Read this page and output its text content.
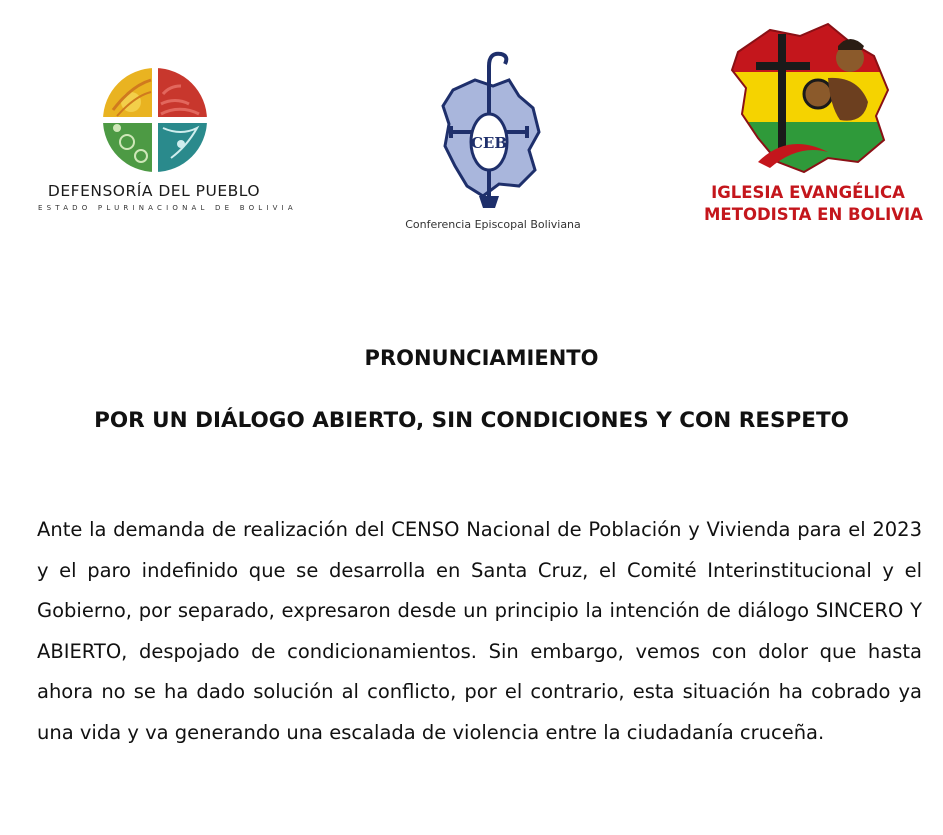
DEFENSORÍA DEL PUEBLO
ESTADO PLURINACIONAL DE BOLIVIA
CEB
Conferencia Episcopal Boliviana
IGLESIA EVANGÉLICA
METODISTA EN BOLIVIA
PRONUNCIAMIENTO
POR UN DIÁLOGO ABIERTO, SIN CONDICIONES Y CON RESPETO
Ante la demanda de realización del CENSO Nacional de Población y Vivienda para el 2023 y el paro indefinido que se desarrolla en Santa Cruz, el Comité Interinstitucional y el Gobierno, por separado, expresaron desde un principio la intención de diálogo SINCERO Y ABIERTO, despojado de condicionamientos. Sin embargo, vemos con dolor que hasta ahora no se ha dado solución al conflicto, por el contrario, esta situación ha cobrado ya una vida y va generando una escalada de violencia entre la ciudadanía cruceña.
